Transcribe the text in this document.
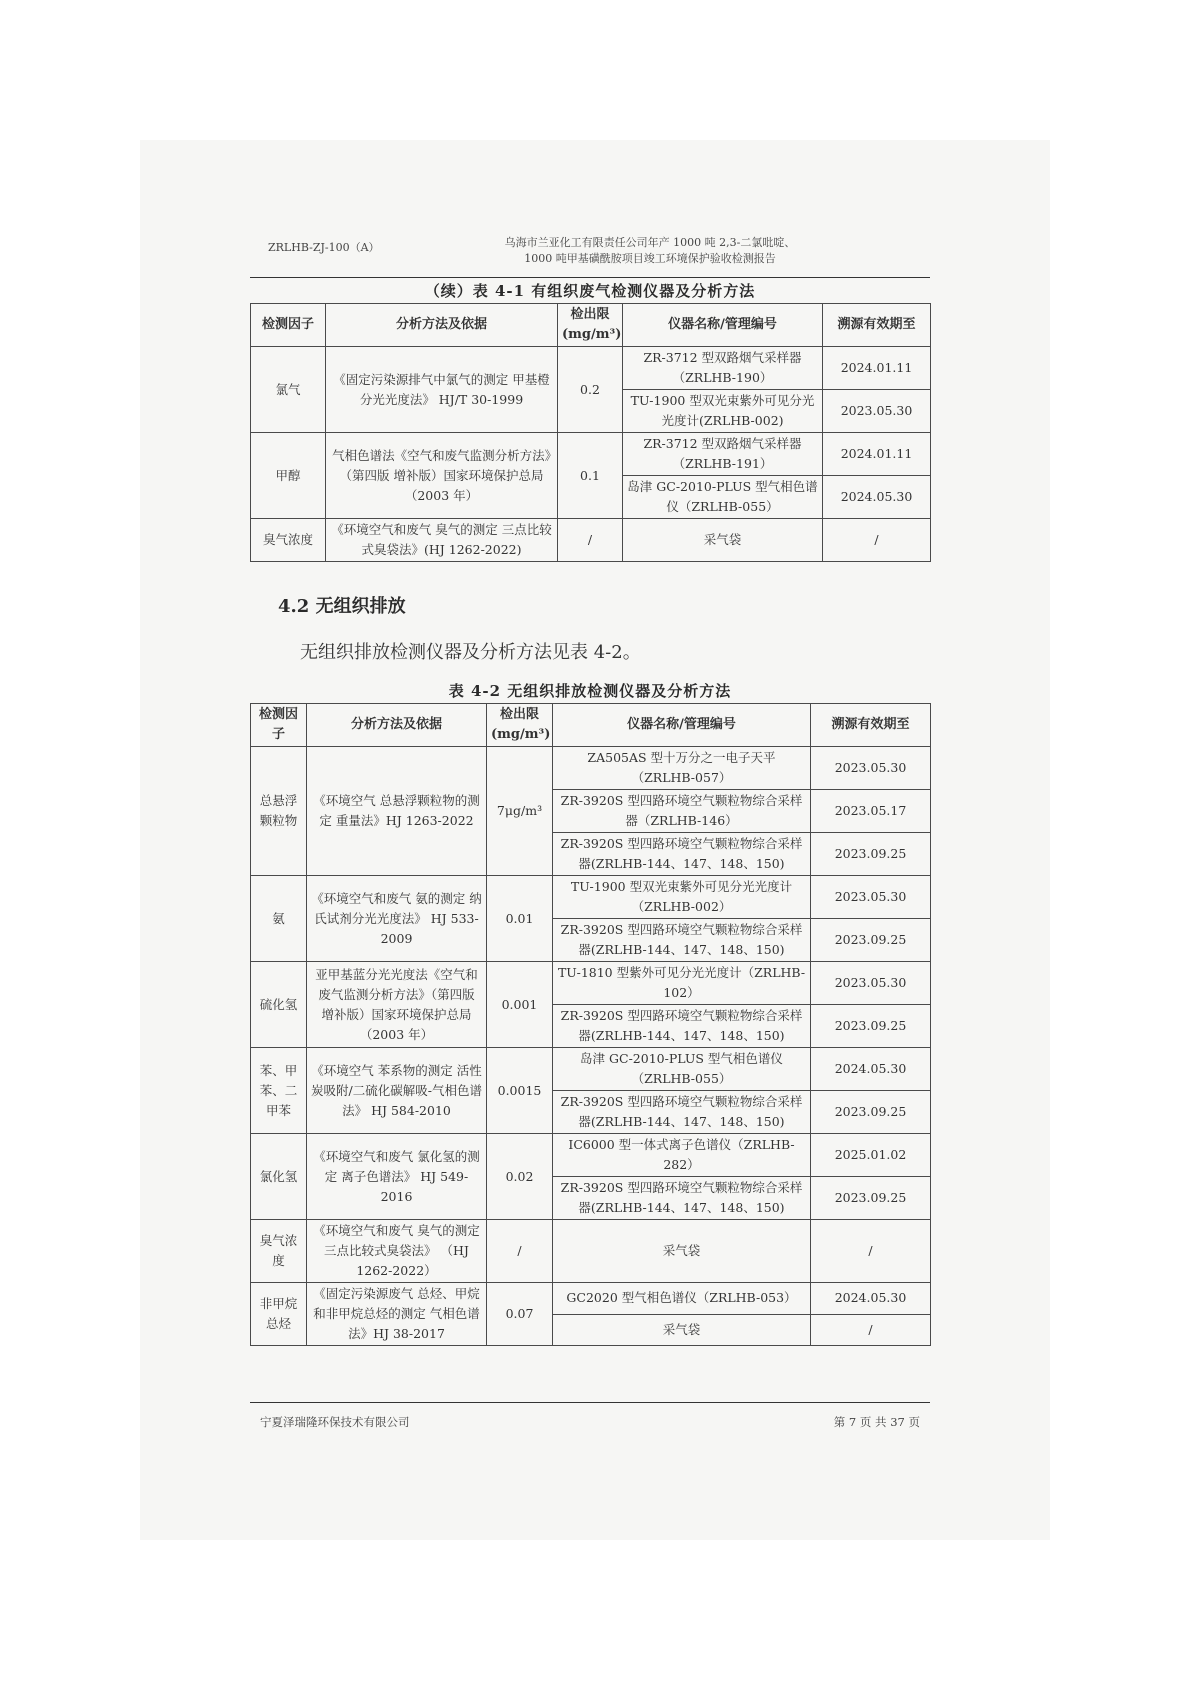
ZRLHB-ZJ-100（A）	乌海市兰亚化工有限责任公司年产 1000 吨 2,3-二氯吡啶、
1000 吨甲基磺酰胺项目竣工环境保护验收检测报告
（续）表 4-1 有组织废气检测仪器及分析方法
检测因子	分析方法及依据	检出限(mg/m³)	仪器名称/管理编号	溯源有效期至
氯气	《固定污染源排气中氯气的测定 甲基橙分光光度法》 HJ/T 30-1999	0.2	ZR-3712 型双路烟气采样器（ZRLHB-190）	2024.01.11
			TU-1900 型双光束紫外可见分光光度计(ZRLHB-002)	2023.05.30
甲醇	气相色谱法《空气和废气监测分析方法》（第四版 增补版）国家环境保护总局 （2003 年）	0.1	ZR-3712 型双路烟气采样器（ZRLHB-191）	2024.01.11
			岛津 GC-2010-PLUS 型气相色谱仪（ZRLHB-055）	2024.05.30
臭气浓度	《环境空气和废气 臭气的测定 三点比较式臭袋法》(HJ 1262-2022)	/	采气袋	/
4.2 无组织排放
无组织排放检测仪器及分析方法见表 4-2。
表 4-2 无组织排放检测仪器及分析方法
检测因子	分析方法及依据	检出限(mg/m³)	仪器名称/管理编号	溯源有效期至
总悬浮颗粒物	《环境空气 总悬浮颗粒物的测定 重量法》HJ 1263-2022	7μg/m³	ZA505AS 型十万分之一电子天平（ZRLHB-057）	2023.05.30
			ZR-3920S 型四路环境空气颗粒物综合采样器（ZRLHB-146）	2023.05.17
			ZR-3920S 型四路环境空气颗粒物综合采样器(ZRLHB-144、147、148、150)	2023.09.25
氨	《环境空气和废气 氨的测定 纳氏试剂分光光度法》 HJ 533-2009	0.01	TU-1900 型双光束紫外可见分光光度计（ZRLHB-002）	2023.05.30
			ZR-3920S 型四路环境空气颗粒物综合采样器(ZRLHB-144、147、148、150)	2023.09.25
硫化氢	亚甲基蓝分光光度法《空气和废气监测分析方法》（第四版 增补版）国家环境保护总局（2003 年）	0.001	TU-1810 型紫外可见分光光度计（ZRLHB-102）	2023.05.30
			ZR-3920S 型四路环境空气颗粒物综合采样器(ZRLHB-144、147、148、150)	2023.09.25
苯、甲苯、二甲苯	《环境空气 苯系物的测定 活性炭吸附/二硫化碳解吸-气相色谱法》 HJ 584-2010	0.0015	岛津 GC-2010-PLUS 型气相色谱仪（ZRLHB-055）	2024.05.30
			ZR-3920S 型四路环境空气颗粒物综合采样器(ZRLHB-144、147、148、150)	2023.09.25
氯化氢	《环境空气和废气 氯化氢的测定 离子色谱法》 HJ 549-2016	0.02	IC6000 型一体式离子色谱仪（ZRLHB-282）	2025.01.02
			ZR-3920S 型四路环境空气颗粒物综合采样器(ZRLHB-144、147、148、150)	2023.09.25
臭气浓度	《环境空气和废气 臭气的测定 三点比较式臭袋法》 （HJ 1262-2022）	/	采气袋	/
非甲烷总烃	《固定污染源废气 总烃、甲烷和非甲烷总烃的测定 气相色谱法》HJ 38-2017	0.07	GC2020 型气相色谱仪（ZRLHB-053）	2024.05.30
			采气袋	/
宁夏泽瑞隆环保技术有限公司	第 7 页 共 37 页
